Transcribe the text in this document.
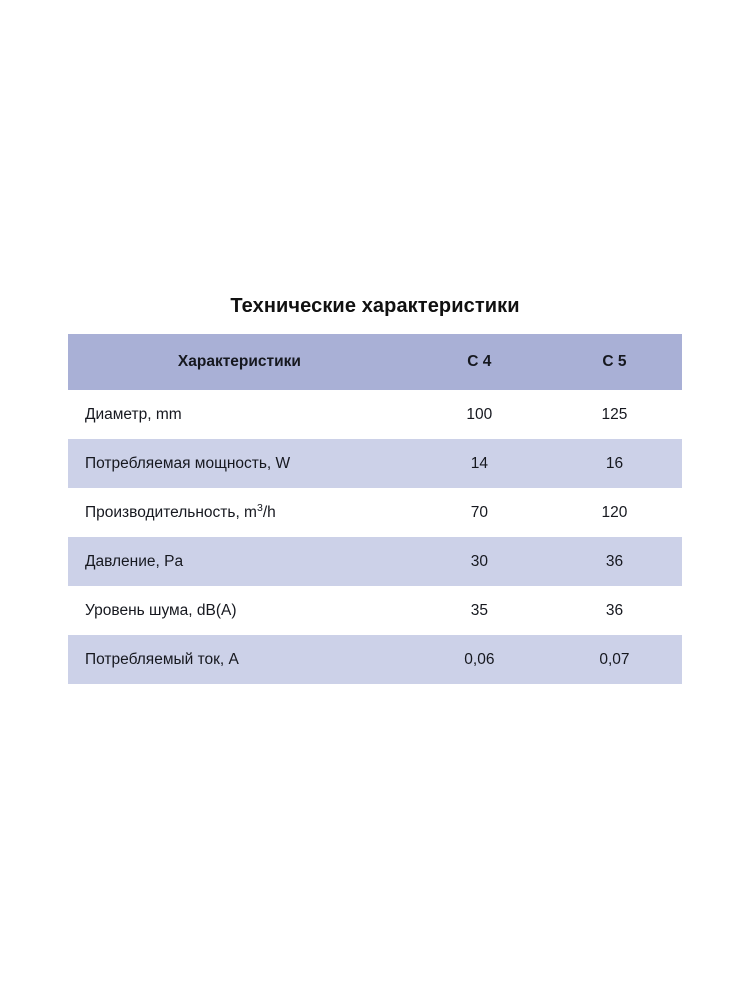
Технические характеристики
Характеристики	C 4	C 5
Диаметр, mm	100	125
Потребляемая мощность, W	14	16
Производительность, $m^3/h$	70	120
Давление, Pa	30	36
Уровень шума, dB(A)	35	36
Потребляемый ток, A	0,06	0,07
